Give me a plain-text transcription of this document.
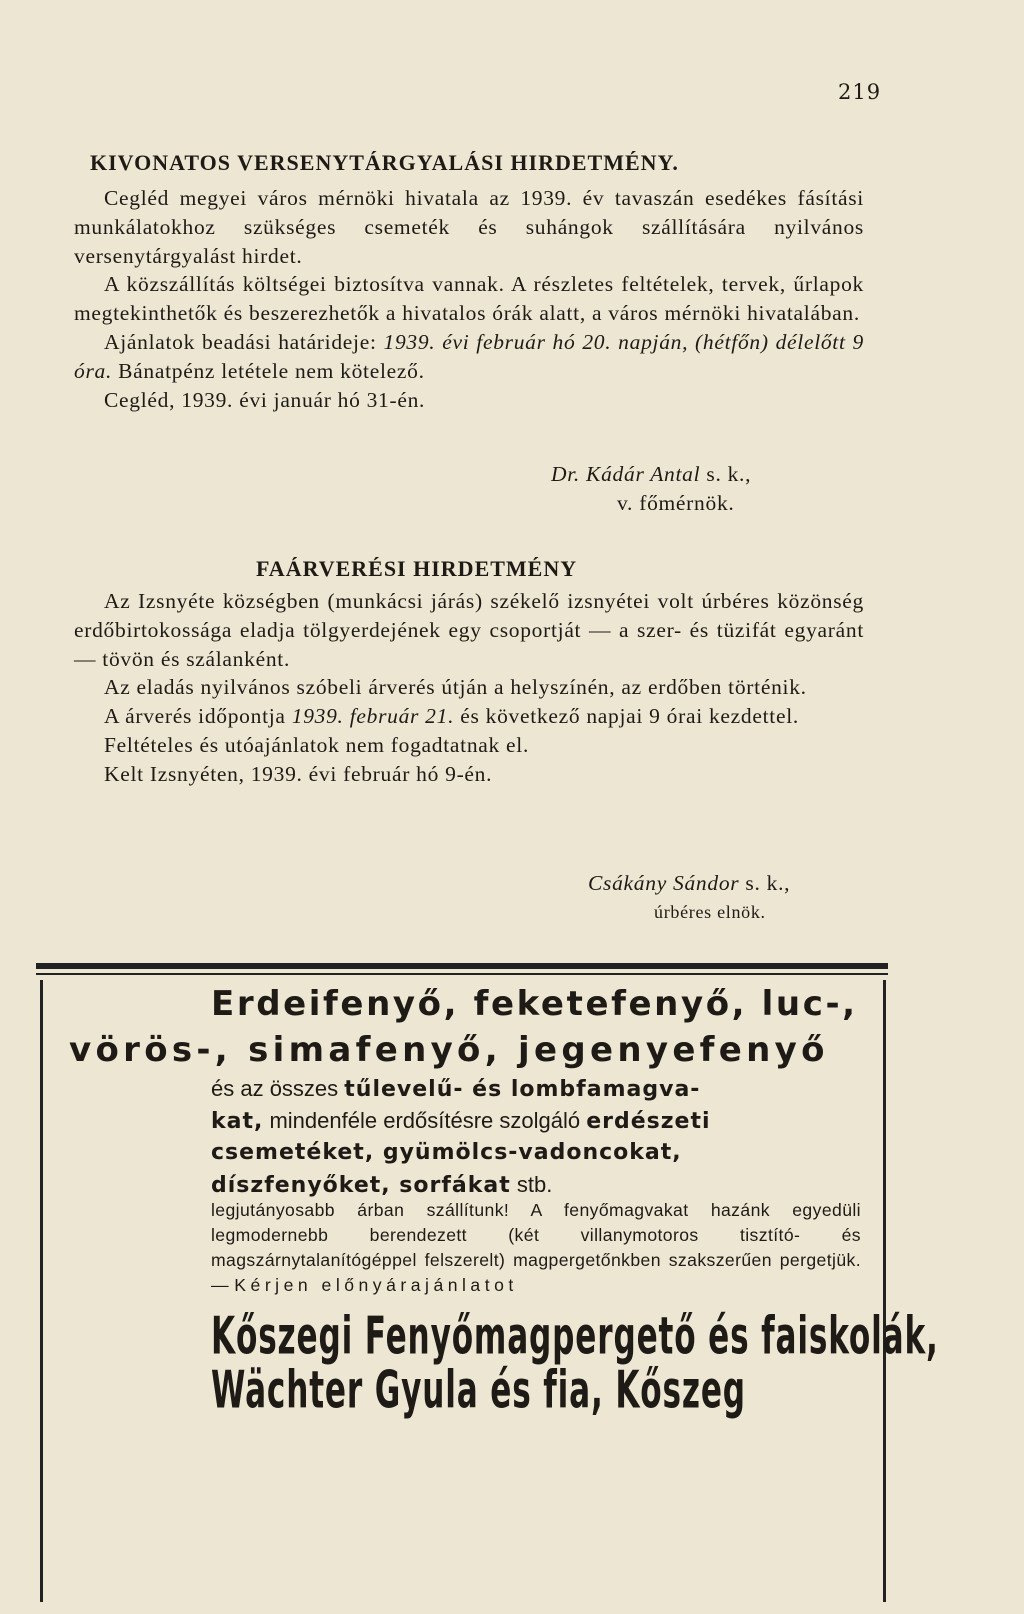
219
KIVONATOS VERSENYTÁRGYALÁSI HIRDETMÉNY.

Cegléd megyei város mérnöki hivatala az 1939. év tavaszán esedékes fásítási munkálatokhoz szükséges csemeték és suhángok szállítására nyilvános versenytárgyalást hirdet.

A közszállítás költségei biztosítva vannak. A részletes feltételek, tervek, űrlapok megtekinthetők és beszerezhetők a hivatalos órák alatt, a város mérnöki hivatalában.

Ajánlatok beadási határideje: 1939. évi február hó 20. napján, (hétfőn) délelőtt 9 óra. Bánatpénz letétele nem kötelező.

Cegléd, 1939. évi január hó 31-én.

Dr. Kádár Antal s. k.,
v. főmérnök.
FAÁRVERÉSI HIRDETMÉNY

Az Izsnyéte községben (munkácsi járás) székelő izsnyétei volt úrbéres közönség erdőbirtokossága eladja tölgyerdejének egy csoportját — a szer- és tüzifát egyaránt — tövön és szálanként.

Az eladás nyilvános szóbeli árverés útján a helyszínén, az erdőben történik.

A árverés időpontja 1939. február 21. és következő napjai 9 órai kezdettel.

Feltételes és utóajánlatok nem fogadtatnak el.

Kelt Izsnyéten, 1939. évi február hó 9-én.

Csákány Sándor s. k.,
úrbéres elnök.
Erdeifenyő, feketefenyő, luc-,
vörös-, simafenyő, jegenyefenyő
és az összes tűlevelű- és lombfamagva-
kat, mindenféle erdősítésre szolgáló erdészeti
csemetéket, gyümölcs-vadoncokat,
díszfenyőket, sorfákat stb.
legjutányosabb árban szállítunk! A fenyőmagvakat hazánk egyedüli legmodernebb berendezett (két villanymotoros tisztító- és magszárnytalanítógéppel felszerelt) magpergetőnkben szakszerűen pergetjük. — Kérjen előnyárajánlatot
Kőszegi Fenyőmagpergető és faiskolák,
Wächter Gyula és fia, Kőszeg
